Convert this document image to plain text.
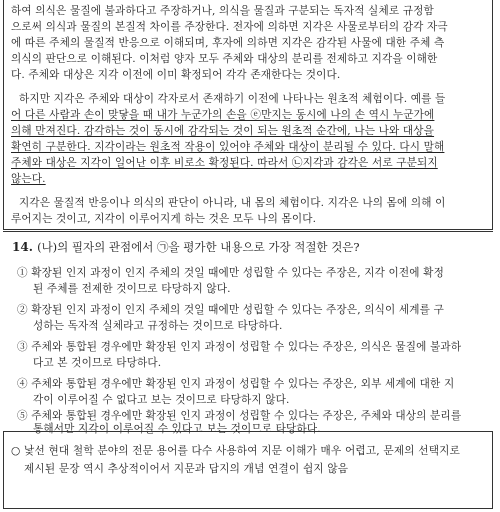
하여 의식은 물질에 불과하다고 주장하거나, 의식을 물질과 구분되는 독자적 실체로 규정함
으로써 의식과 물질의 본질적 차이를 주장한다. 전자에 의하면 지각은 사물로부터의 감각 자극
에 따른 주체의 물질적 반응으로 이해되며, 후자에 의하면 지각은 감각된 사물에 대한 주체 측
의식의 판단으로 이해된다. 이처럼 양자 모두 주체와 대상의 분리를 전제하고 지각을 이해한
다. 주체와 대상은 지각 이전에 이미 확정되어 각각 존재한다는 것이다.
하지만 지각은 주체와 대상이 각자로서 존재하기 이전에 나타나는 원초적 체험이다. 예를 들
어 다른 사람과 손이 맞닿을 때 내가 누군가의 손을 ⓔ만지는 동시에 나의 손 역시 누군가에
의해 만져진다. 감각하는 것이 동시에 감각되는 것이 되는 원초적 순간에, 나는 나와 대상을
확연히 구분한다. 지각이라는 원초적 작용이 있어야 주체와 대상이 분리될 수 있다. 다시 말해
주체와 대상은 지각이 일어난 이후 비로소 확정된다. 따라서 ㉡지각과 감각은 서로 구분되지
않는다.
지각은 물질적 반응이나 의식의 판단이 아니라, 내 몸의 체험이다. 지각은 나의 몸에 의해 이
루어지는 것이고, 지각이 이루어지게 하는 것은 모두 나의 몸이다.
14. (나)의 필자의 관점에서 ㉠을 평가한 내용으로 가장 적절한 것은?
① 확장된 인지 과정이 인지 주체의 것일 때에만 성립할 수 있다는 주장은, 지각 이전에 확정
된 주체를 전제한 것이므로 타당하지 않다.
② 확장된 인지 과정이 인지 주체의 것일 때에만 성립할 수 있다는 주장은, 의식이 세계를 구
성하는 독자적 실체라고 규정하는 것이므로 타당하다.
③ 주체와 통합된 경우에만 확장된 인지 과정이 성립할 수 있다는 주장은, 의식은 물질에 불과하
다고 본 것이므로 타당하다.
④ 주체와 통합된 경우에만 확장된 인지 과정이 성립할 수 있다는 주장은, 외부 세계에 대한 지
각이 이루어질 수 없다고 보는 것이므로 타당하지 않다.
⑤ 주체와 통합된 경우에만 확장된 인지 과정이 성립할 수 있다는 주장은, 주체와 대상의 분리를
통해서만 지각이 이루어질 수 있다고 보는 것이므로 타당하다.
○ 낯선 현대 철학 분야의 전문 용어를 다수 사용하여 지문 이해가 매우 어렵고, 문제의 선택지로
제시된 문장 역시 추상적이어서 지문과 답지의 개념 연결이 쉽지 않음
